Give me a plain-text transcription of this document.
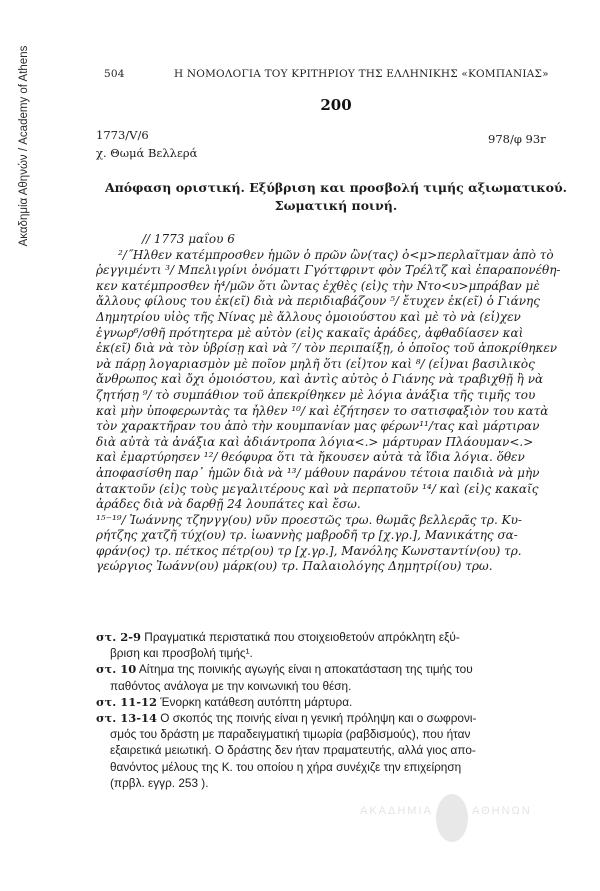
Ακαδημία Αθηνών / Academy of Athens	504	Η ΝΟΜΟΛΟΓΙΑ ΤΟΥ ΚΡΙΤΗΡΙΟΥ ΤΗΣ ΕΛΛΗΝΙΚΗΣ «ΚΟΜΠΑΝΙΑΣ»
200
1773/V/6
χ. Θωμά Βελλερά
978/φ 93r
Απόφαση οριστική. Εξύβριση και προσβολή τιμής αξιωματικού.
Σωματική ποινή.
// 1773 μαΐου 6
²/˝Ηλθεν κατέμπροσθεν ἡμῶν ὁ πρῶν ὢν(τας) ὁ<μ>περλαῖτμαν ἀπὸ τὸ
ῥεγγιμέντι ³/ Μπελιγρίνι ὀνόματι Γγόττφριντ φὸν Τρέλτζ καὶ ἐπαραπονέθη-
κεν κατέμπροσθεν ἡ⁴/μῶν ὅτι ὢντας ἐχθὲς (εἰ)ς τὴν Ντο<υ>μπράβαν μὲ
ἄλλους φίλους του ἐκ(εῖ) διὰ νὰ περιδιαβάζουν ⁵/ ἔτυχεν ἐκ(εῖ) ὁ Γιάνης
Δημητρίου υἱὸς τῆς Νίνας μὲ ἄλλους ὁμοιούστου καὶ μὲ τὸ νὰ (εἶ)χεν
ἐγνωρ⁶/σθῆ πρότητερα μὲ αὐτὸν (εἰ)ς κακαῖς ἀράδες, ἀφθαδίασεν καὶ
ἐκ(εῖ) διὰ νὰ τὸν ὑβρίσῃ καὶ νὰ ⁷/ τὸν περιπαίξῃ, ὁ ὁποῖος τοῦ ἀποκρίθηκεν
νὰ πάρῃ λογαριασμὸν μὲ ποῖον μηλῆ ὅτι (εἶ)τον καὶ ⁸/ (εἶ)ναι βασιλικὸς
ἄνθρωπος καὶ ὄχι ὁμοιόστου, καὶ ἀντὶς αὐτὸς ὁ Γιάνης νὰ τραβιχθῇ ἢ νὰ
ζητήσῃ ⁹/ τὸ συμπάθιον τοῦ ἀπεκρίθηκεν μὲ λόγια ἀνάξια τῆς τιμῆς του
καὶ μὴν ὑποφερωντὰς τα ἦλθεν ¹⁰/ καὶ ἐζήτησεν το σατισφαξιὸν του κατὰ
τὸν χαρακτῆραν του ἀπὸ τὴν κουμπανίαν μας φέρων¹¹/τας καὶ μάρτιραν
διὰ αὐτὰ τὰ ἀνάξια καὶ ἀδιάντροπα λόγια<.> μάρτυραν Πλάουμαν<.>
καὶ ἐμαρτύρησεν ¹²/ θεόφυρα ὅτι τὰ ἤκουσεν αὐτὰ τὰ ἴδια λόγια. ὅθεν
ἀποφασίσθη παρ᾽ ἡμῶν διὰ νὰ ¹³/ μάθουν παράνου τέτοια παιδιὰ νὰ μὴν
ἀτακτοῦν (εἰ)ς τοὺς μεγαλιτέρους καὶ νὰ περπατοῦν ¹⁴/ καὶ (εἰ)ς κακαῖς
ἀράδες διὰ νὰ δαρθῇ 24 λουπάτες καὶ ἔσω.
¹⁵⁻¹⁹/ Ἰωάννης τζηνγγ(ου) νῦν προεστῶς τρω. θωμᾶς βελλερᾶς τρ. Κυ-
ρήτζης χατζῆ τύχ(ου) τρ. ἰωαννὴς μαβροδῆ τρ [χ.γρ.], Μανικάτης σα-
φράν(ος) τρ. πέτκος πέτρ(ου) τρ [χ.γρ.], Μανόλης Κωνσταντίν(ου) τρ.
γεώργιος Ἰωάνν(ου) μάρκ(ου) τρ. Παλαιολόγης Δημητρί(ου) τρω.
στ. 2-9 Πραγματικά περιστατικά που στοιχειοθετούν απρόκλητη εξύ-
βριση και προσβολή τιμής¹.
στ. 10 Αίτημα της ποινικής αγωγής είναι η αποκατάσταση της τιμής του
παθόντος ανάλογα με την κοινωνική του θέση.
στ. 11-12 Ένορκη κατάθεση αυτόπτη μάρτυρα.
στ. 13-14 Ο σκοπός της ποινής είναι η γενική πρόληψη και ο σωφρονι-
σμός του δράστη με παραδειγματική τιμωρία (ραβδισμούς), που ήταν
εξαιρετικά μειωτική. Ο δράστης δεν ήταν πραματευτής, αλλά γιος απο-
θανόντος μέλους της Κ. του οποίου η χήρα συνέχιζε την επιχείρηση
(πρβλ. εγγρ. 253 ).
ΑΚΑΔΗΜΙΑ	ΑΘΗΝΩΝ
